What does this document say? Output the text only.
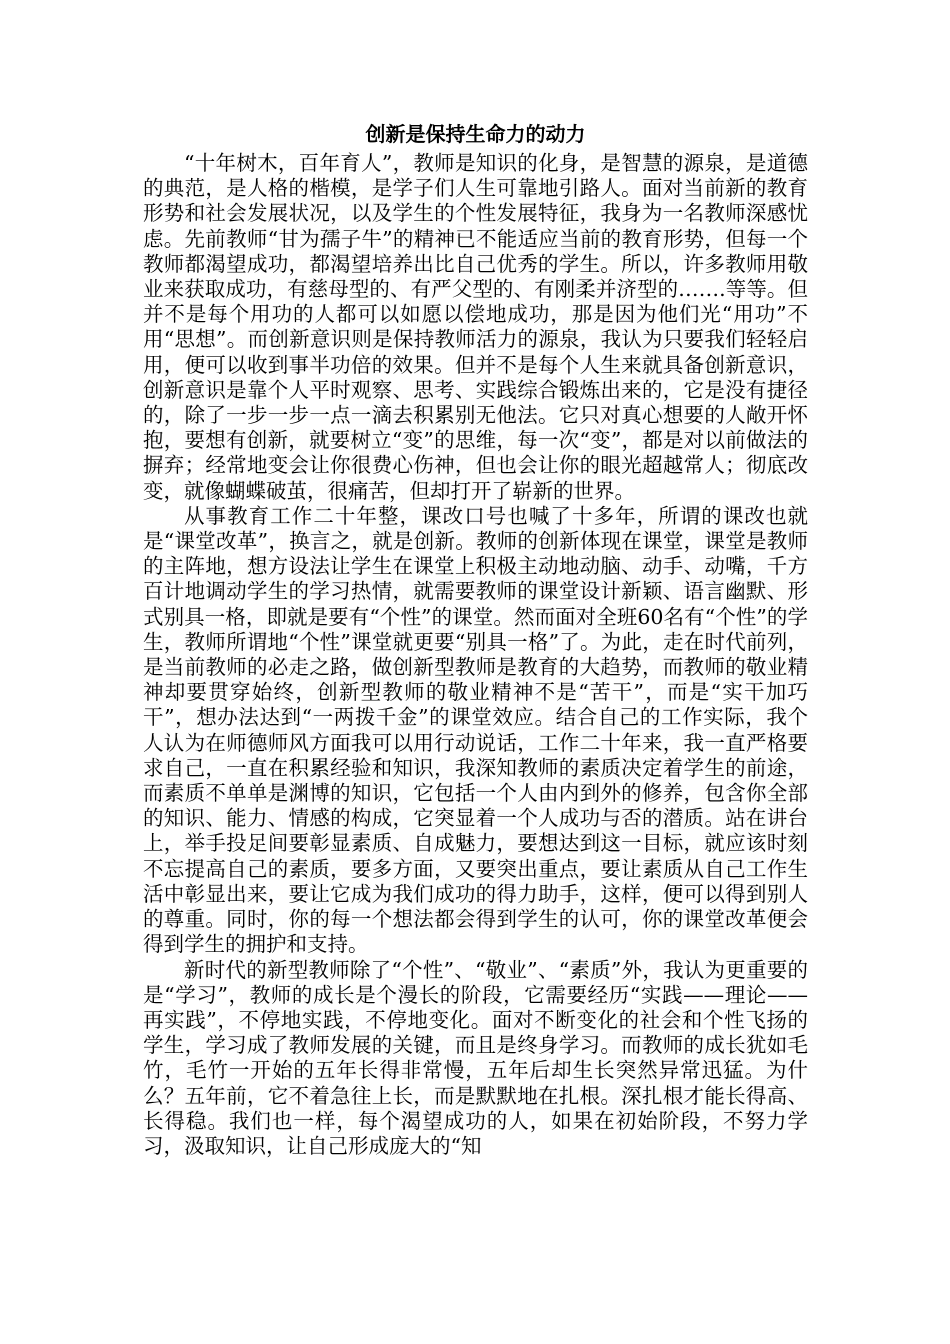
创新是保持生命力的动力

“十年树木，百年育人”，教师是知识的化身，是智慧的源泉，是道德的典范，是人格的楷模，是学子们人生可靠地引路人。面对当前新的教育形势和社会发展状况，以及学生的个性发展特征，我身为一名教师深感忧虑。先前教师“甘为孺子牛”的精神已不能适应当前的教育形势，但每一个教师都渴望成功，都渴望培养出比自己优秀的学生。所以，许多教师用敬业来获取成功，有慈母型的、有严父型的、有刚柔并济型的…….等等。但并不是每个用功的人都可以如愿以偿地成功，那是因为他们光“用功”不用“思想”。而创新意识则是保持教师活力的源泉，我认为只要我们轻轻启用，便可以收到事半功倍的效果。但并不是每个人生来就具备创新意识，创新意识是靠个人平时观察、思考、实践综合锻炼出来的，它是没有捷径的，除了一步一步一点一滴去积累别无他法。它只对真心想要的人敞开怀抱，要想有创新，就要树立“变”的思维，每一次“变”，都是对以前做法的摒弃；经常地变会让你很费心伤神，但也会让你的眼光超越常人；彻底改变，就像蝴蝶破茧，很痛苦，但却打开了崭新的世界。

从事教育工作二十年整，课改口号也喊了十多年，所谓的课改也就是“课堂改革”，换言之，就是创新。教师的创新体现在课堂，课堂是教师的主阵地，想方设法让学生在课堂上积极主动地动脑、动手、动嘴，千方百计地调动学生的学习热情，就需要教师的课堂设计新颖、语言幽默、形式别具一格，即就是要有“个性”的课堂。然而面对全班60名有“个性”的学生，教师所谓地“个性”课堂就更要“别具一格”了。为此，走在时代前列，是当前教师的必走之路，做创新型教师是教育的大趋势，而教师的敬业精神却要贯穿始终，创新型教师的敬业精神不是“苦干”，而是“实干加巧干”，想办法达到“一两拨千金”的课堂效应。结合自己的工作实际，我个人认为在师德师风方面我可以用行动说话，工作二十年来，我一直严格要求自己，一直在积累经验和知识，我深知教师的素质决定着学生的前途，而素质不单单是渊博的知识，它包括一个人由内到外的修养，包含你全部的知识、能力、情感的构成，它突显着一个人成功与否的潜质。站在讲台上，举手投足间要彰显素质、自成魅力，要想达到这一目标，就应该时刻不忘提高自己的素质，要多方面，又要突出重点，要让素质从自己工作生活中彰显出来，要让它成为我们成功的得力助手，这样，便可以得到别人的尊重。同时，你的每一个想法都会得到学生的认可，你的课堂改革便会得到学生的拥护和支持。

新时代的新型教师除了“个性”、“敬业”、“素质”外，我认为更重要的是“学习”，教师的成长是个漫长的阶段，它需要经历“实践——理论——再实践”，不停地实践，不停地变化。面对不断变化的社会和个性飞扬的学生，学习成了教师发展的关键，而且是终身学习。而教师的成长犹如毛竹，毛竹一开始的五年长得非常慢，五年后却生长突然异常迅猛。为什么？五年前，它不着急往上长，而是默默地在扎根。深扎根才能长得高、长得稳。我们也一样，每个渴望成功的人，如果在初始阶段，不努力学习，汲取知识，让自己形成庞大的“知
